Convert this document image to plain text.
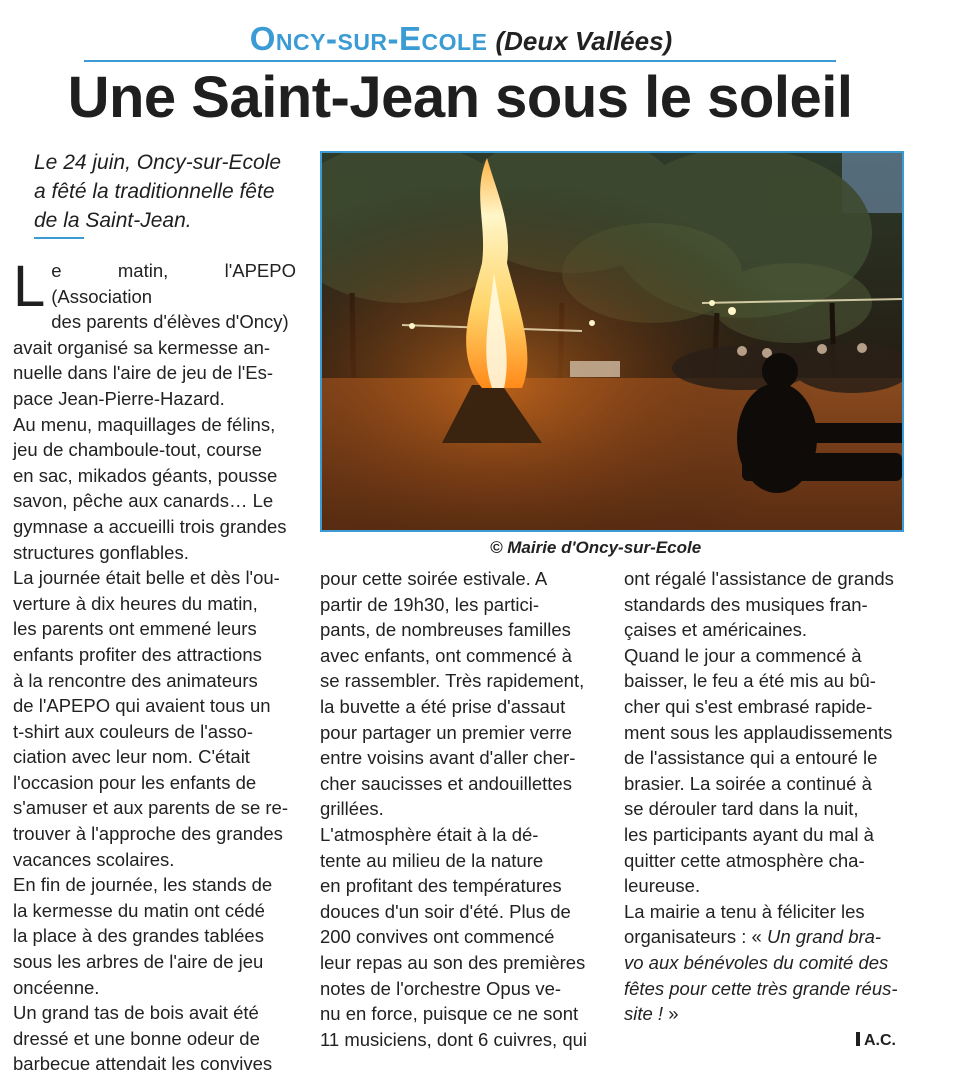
Oncy-sur-Ecole (Deux Vallées)
Une Saint-Jean sous le soleil
Le 24 juin, Oncy-sur-Ecole
a fêté la traditionnelle fête
de la Saint-Jean.
© Mairie d'Oncy-sur-Ecole

Le matin, l'APEPO (Association
des parents d'élèves d'Oncy)
avait organisé sa kermesse an-
nuelle dans l'aire de jeu de l'Es-
pace Jean-Pierre-Hazard.

Au menu, maquillages de félins,
jeu de chamboule-tout, course
en sac, mikados géants, pousse
savon, pêche aux canards… Le
gymnase a accueilli trois grandes
structures gonflables.

La journée était belle et dès l'ou-
verture à dix heures du matin,
les parents ont emmené leurs
enfants profiter des attractions
à la rencontre des animateurs
de l'APEPO qui avaient tous un
t-shirt aux couleurs de l'asso-
ciation avec leur nom. C'était
l'occasion pour les enfants de
s'amuser et aux parents de se re-
trouver à l'approche des grandes
vacances scolaires.

En fin de journée, les stands de
la kermesse du matin ont cédé
la place à des grandes tablées
sous les arbres de l'aire de jeu
oncéenne.

Un grand tas de bois avait été
dressé et une bonne odeur de
barbecue attendait les convives

pour cette soirée estivale. A
partir de 19h30, les partici-
pants, de nombreuses familles
avec enfants, ont commencé à
se rassembler. Très rapidement,
la buvette a été prise d'assaut
pour partager un premier verre
entre voisins avant d'aller cher-
cher saucisses et andouillettes
grillées.

L'atmosphère était à la dé-
tente au milieu de la nature
en profitant des températures
douces d'un soir d'été. Plus de
200 convives ont commencé
leur repas au son des premières
notes de l'orchestre Opus ve-
nu en force, puisque ce ne sont
11 musiciens, dont 6 cuivres, qui

ont régalé l'assistance de grands
standards des musiques fran-
çaises et américaines.

Quand le jour a commencé à
baisser, le feu a été mis au bû-
cher qui s'est embrasé rapide-
ment sous les applaudissements
de l'assistance qui a entouré le
brasier. La soirée a continué à
se dérouler tard dans la nuit,
les participants ayant du mal à
quitter cette atmosphère cha-
leureuse.

La mairie a tenu à féliciter les
organisateurs : « Un grand bra-
vo aux bénévoles du comité des
fêtes pour cette très grande réus-
site ! »

A.C.
